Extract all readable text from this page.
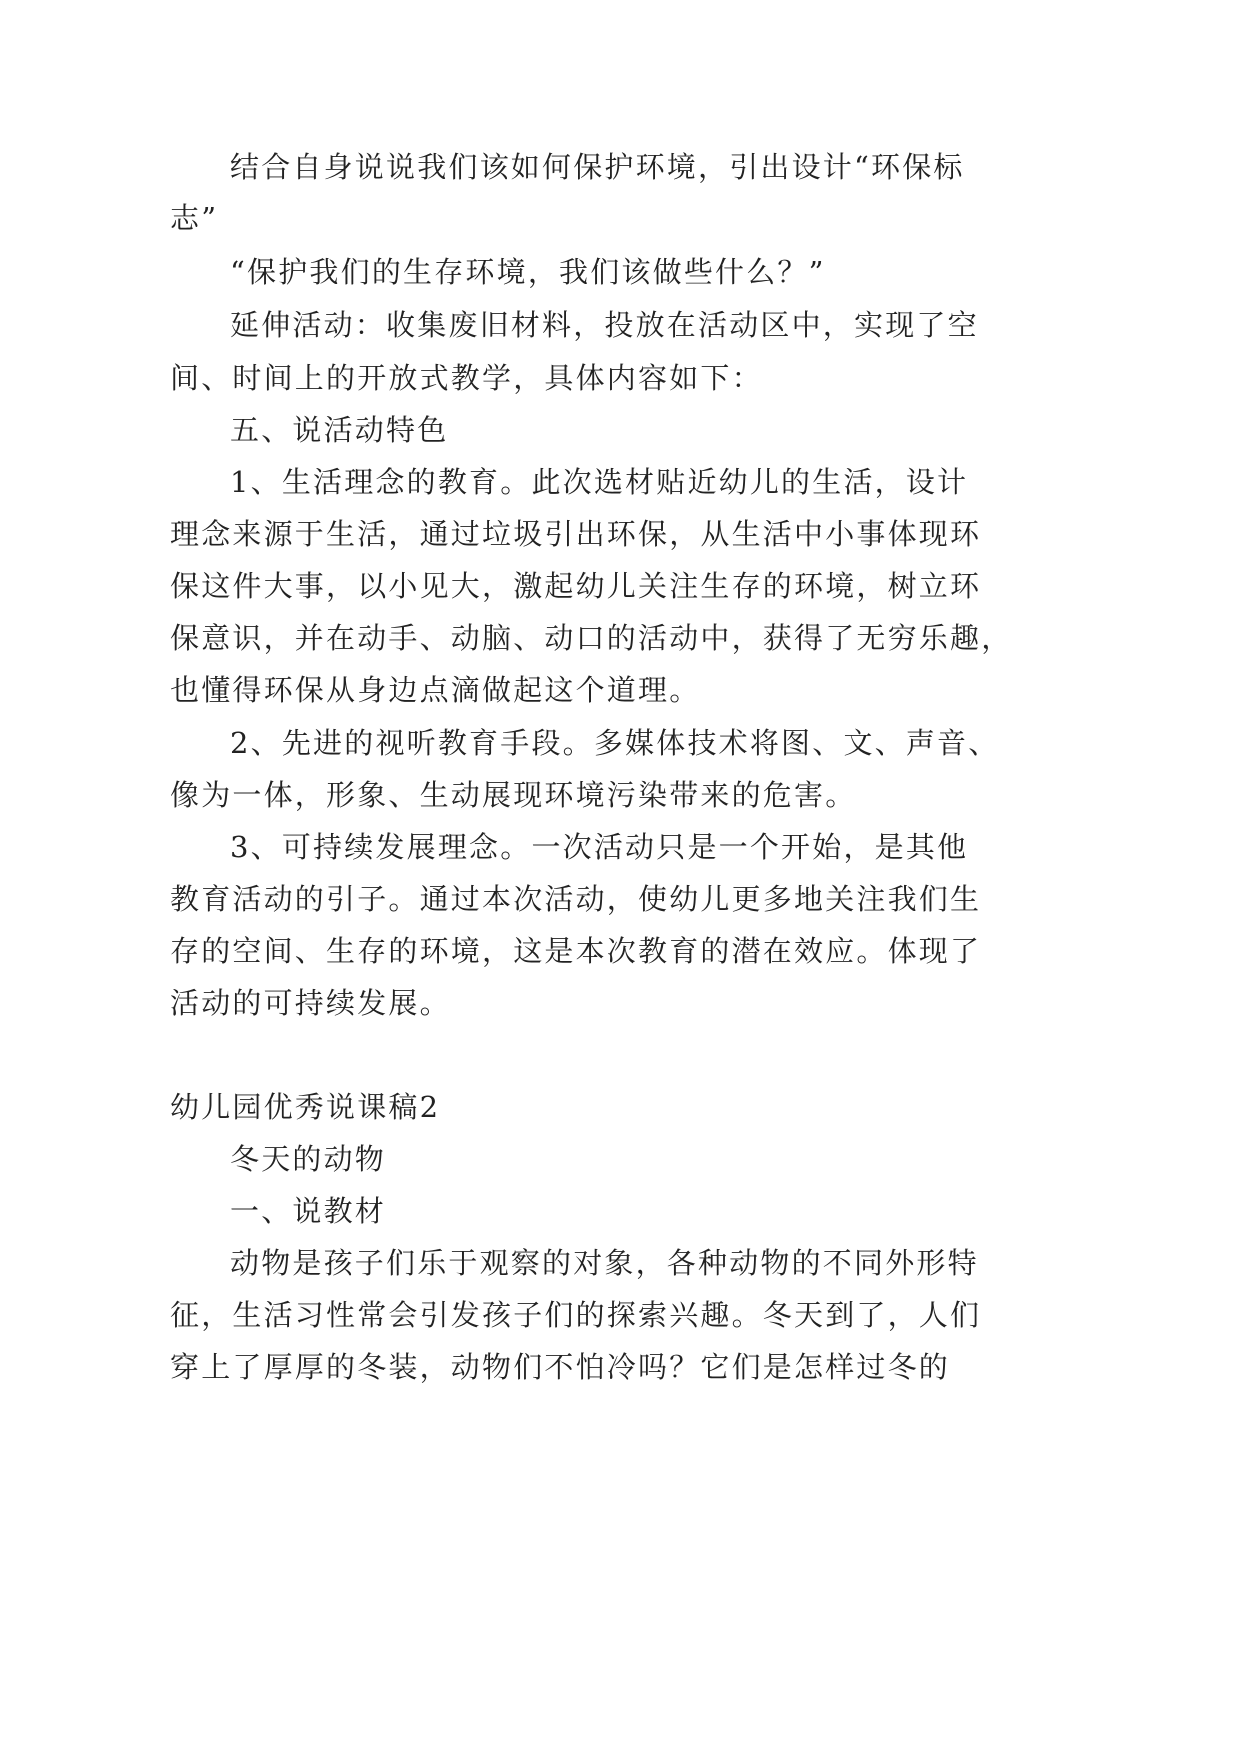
结合自身说说我们该如何保护环境，引出设计“环保标
志”
“保护我们的生存环境，我们该做些什么？”
延伸活动：收集废旧材料，投放在活动区中，实现了空
间、时间上的开放式教学，具体内容如下：
五、说活动特色
1、生活理念的教育。此次选材贴近幼儿的生活，设计
理念来源于生活，通过垃圾引出环保，从生活中小事体现环
保这件大事，以小见大，激起幼儿关注生存的环境，树立环
保意识，并在动手、动脑、动口的活动中，获得了无穷乐趣，
也懂得环保从身边点滴做起这个道理。
2、先进的视听教育手段。多媒体技术将图、文、声音、
像为一体，形象、生动展现环境污染带来的危害。
3、可持续发展理念。一次活动只是一个开始，是其他
教育活动的引子。通过本次活动，使幼儿更多地关注我们生
存的空间、生存的环境，这是本次教育的潜在效应。体现了
活动的可持续发展。
幼儿园优秀说课稿2
冬天的动物
一、说教材
动物是孩子们乐于观察的对象，各种动物的不同外形特
征，生活习性常会引发孩子们的探索兴趣。冬天到了，人们
穿上了厚厚的冬装，动物们不怕冷吗？它们是怎样过冬的
